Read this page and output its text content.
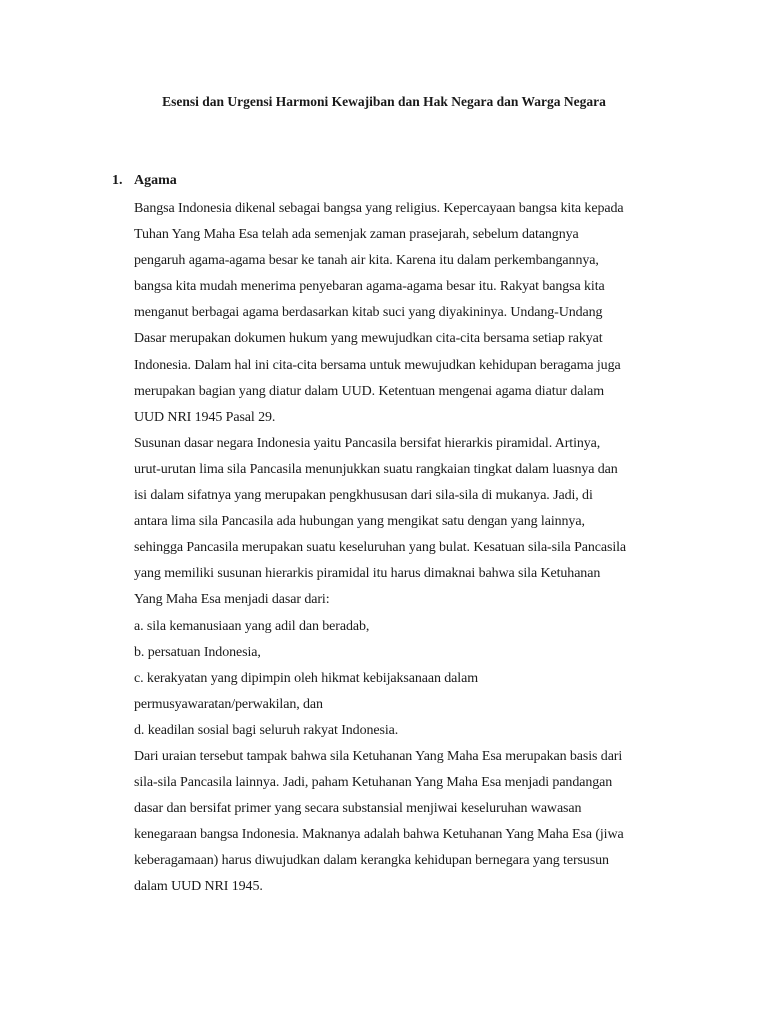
Esensi dan Urgensi Harmoni Kewajiban dan Hak Negara dan Warga Negara
1. Agama
Bangsa Indonesia dikenal sebagai bangsa yang religius. Kepercayaan bangsa kita kepada
Tuhan Yang Maha Esa telah ada semenjak zaman prasejarah, sebelum datangnya
pengaruh agama-agama besar ke tanah air kita. Karena itu dalam perkembangannya,
bangsa kita mudah menerima penyebaran agama-agama besar itu. Rakyat bangsa kita
menganut berbagai agama berdasarkan kitab suci yang diyakininya. Undang-Undang
Dasar merupakan dokumen hukum yang mewujudkan cita-cita bersama setiap rakyat
Indonesia. Dalam hal ini cita-cita bersama untuk mewujudkan kehidupan beragama juga
merupakan bagian yang diatur dalam UUD. Ketentuan mengenai agama diatur dalam
UUD NRI 1945 Pasal 29.
Susunan dasar negara Indonesia yaitu Pancasila bersifat hierarkis piramidal. Artinya,
urut-urutan lima sila Pancasila menunjukkan suatu rangkaian tingkat dalam luasnya dan
isi dalam sifatnya yang merupakan pengkhususan dari sila-sila di mukanya. Jadi, di
antara lima sila Pancasila ada hubungan yang mengikat satu dengan yang lainnya,
sehingga Pancasila merupakan suatu keseluruhan yang bulat. Kesatuan sila-sila Pancasila
yang memiliki susunan hierarkis piramidal itu harus dimaknai bahwa sila Ketuhanan
Yang Maha Esa menjadi dasar dari:
a. sila kemanusiaan yang adil dan beradab,
b. persatuan Indonesia,
c. kerakyatan yang dipimpin oleh hikmat kebijaksanaan dalam
permusyawaratan/perwakilan, dan
d. keadilan sosial bagi seluruh rakyat Indonesia.
Dari uraian tersebut tampak bahwa sila Ketuhanan Yang Maha Esa merupakan basis dari
sila-sila Pancasila lainnya. Jadi, paham Ketuhanan Yang Maha Esa menjadi pandangan
dasar dan bersifat primer yang secara substansial menjiwai keseluruhan wawasan
kenegaraan bangsa Indonesia. Maknanya adalah bahwa Ketuhanan Yang Maha Esa (jiwa
keberagamaan) harus diwujudkan dalam kerangka kehidupan bernegara yang tersusun
dalam UUD NRI 1945.
